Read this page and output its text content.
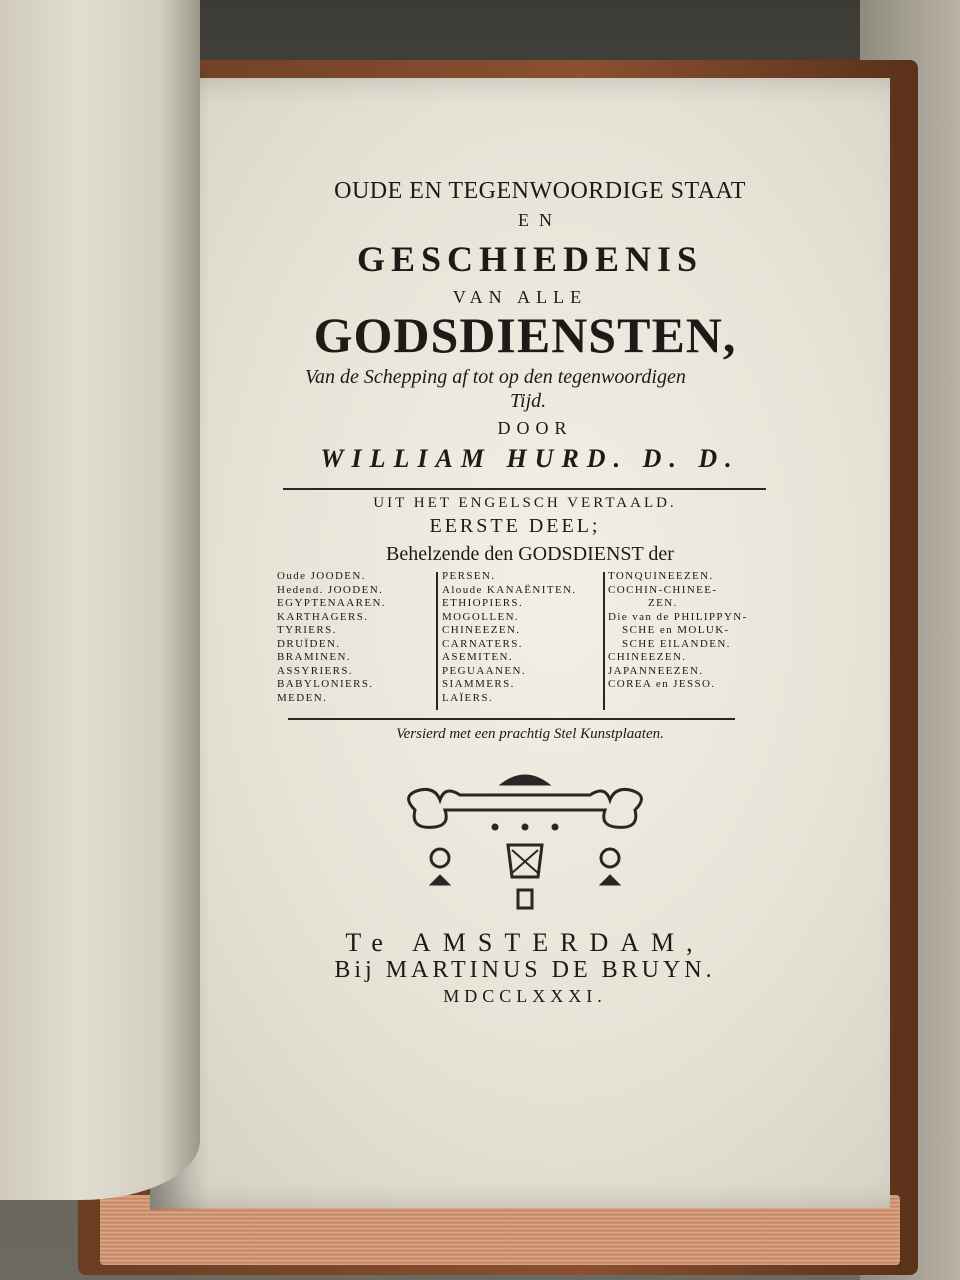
OUDE EN TEGENWOORDIGE STAAT
EN
GESCHIEDENIS
VAN ALLE
GODSDIENSTEN,
Van de Schepping af tot op den tegenwoordigen
Tijd.
DOOR
WILLIAM HURD. D. D.
UIT HET ENGELSCH VERTAALD.
EERSTE DEEL;
Behelzende den GODSDIENST der
Oude JOODEN.
Hedend. JOODEN.
EGYPTENAAREN.
KARTHAGERS.
TYRIERS.
DRUÏDEN.
BRAMINEN.
ASSYRIERS.
BABYLONIERS.
MEDEN.
PERSEN.
Aloude KANAËNITEN.
ETHIOPIERS.
MOGOLLEN.
CHINEEZEN.
CARNATERS.
ASEMITEN.
PEGUAANEN.
SIAMMERS.
LAÏERS.
TONQUINEEZEN.
COCHIN-CHINEE-
ZEN.
Die van de PHILIPPYN-
SCHE en MOLUK-
SCHE EILANDEN.
CHINEEZEN.
JAPANNEEZEN.
COREA en JESSO.
Versierd met een prachtig Stel Kunstplaaten.
Te AMSTERDAM,
Bij MARTINUS DE BRUYN.
MDCCLXXXI.
